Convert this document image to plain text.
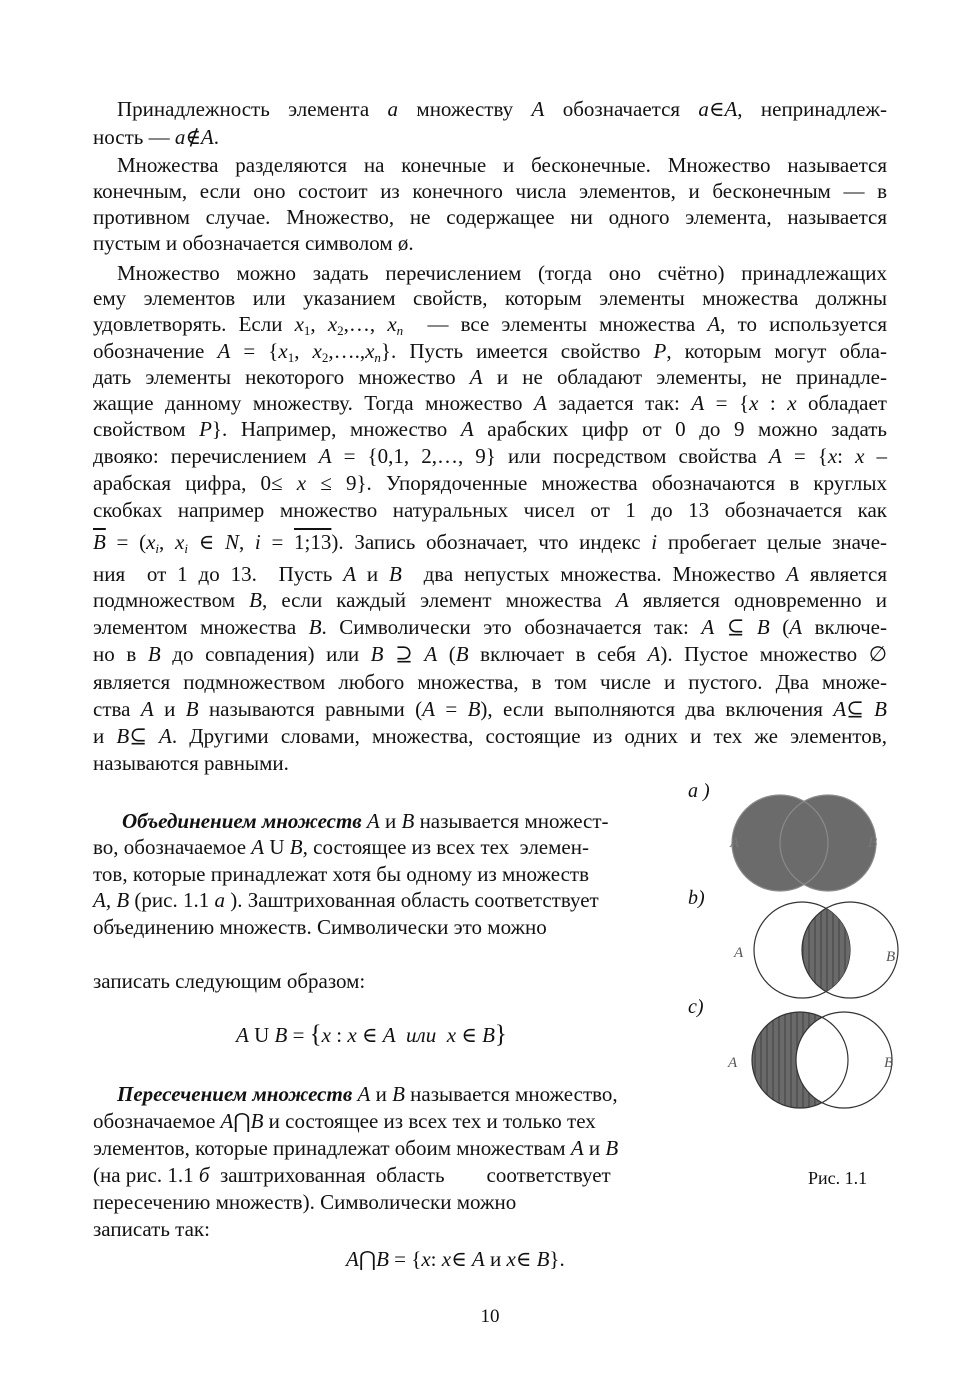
Принадлежность элемента a множеству A обозначается a∈A, непринадлеж-
ность — a∉A.
Множества разделяются на конечные и бесконечные. Множество называется
конечным, если оно состоит из конечного числа элементов, и бесконечным — в
противном случае. Множество, не содержащее ни одного элемента, называется
пустым и обозначается символом ø.
Множество можно задать перечислением (тогда оно счётно) принадлежащих
ему элементов или указанием свойств, которым элементы множества должны
удовлетворять. Если $x_1$, $x_2,\dots$, $x_n$  — все элементы множества A, то используется
обозначение $A = \{x_1$, $x_2,\dots.,x_n$}. Пусть имеется свойство P, которым могут обла-
дать элементы некоторого множество A и не обладают элементы, не принадле-
жащие данному множеству. Тогда множество A задается так: A = {x : x обладает
свойством P}. Например, множество A арабских цифр от 0 до 9 можно задать
двояко: перечислением A = {0,1, 2,…, 9} или посредством свойства A = {x: x –
арабская цифра, 0≤ x ≤ 9}. Упорядоченные множества обозначаются в круглых
скобках например множество натуральных чисел от 1 до 13 обозначается как
$\overline{B} = (x_i$, $x_i$ ∈ N, i = 1;13). Запись обозначает, что индекс i пробегает целые значе-
ния  от 1 до 13.  Пусть A и B  два непустых множества. Множество A является
подмножеством B, если каждый элемент множества A является одновременно и
элементом множества B. Символически это обозначается так: A ⊆ B (A включе-
но в B до совпадения) или B ⊇ A (B включает в себя A). Пустое множество ∅
является подмножеством любого множества, в том числе и пустого. Два множе-
ства A и B называются равными (A = B), если выполняются два включения A⊆ B
и B⊆ A. Другими словами, множества, состоящие из одних и тех же элементов,
называются равными.
Объединением множеств A и B называется множест-
во, обозначаемое A U B, состоящее из всех тех  элемен-
тов, которые принадлежат хотя бы одному из множеств
A, B (рис. 1.1 a ). Заштрихованная область соответствует
объединению множеств. Символически это можно
записать следующим образом:
A U B = {x : x ∈ A или x ∈ B}
Пересечением множеств A и B называется множество,
обозначаемое A⋂B и состоящее из всех тех и только тех
элементов, которые принадлежат обоим множествам A и B
(на рис. 1.1 б  заштрихованная  область        соответствует
пересечению множеств). Символически можно
записать так:
A⋂B = {x: x∈ A и x∈ B}.
a )
b)
c)
A	B
A	B
A	B
Рис. 1.1
10
